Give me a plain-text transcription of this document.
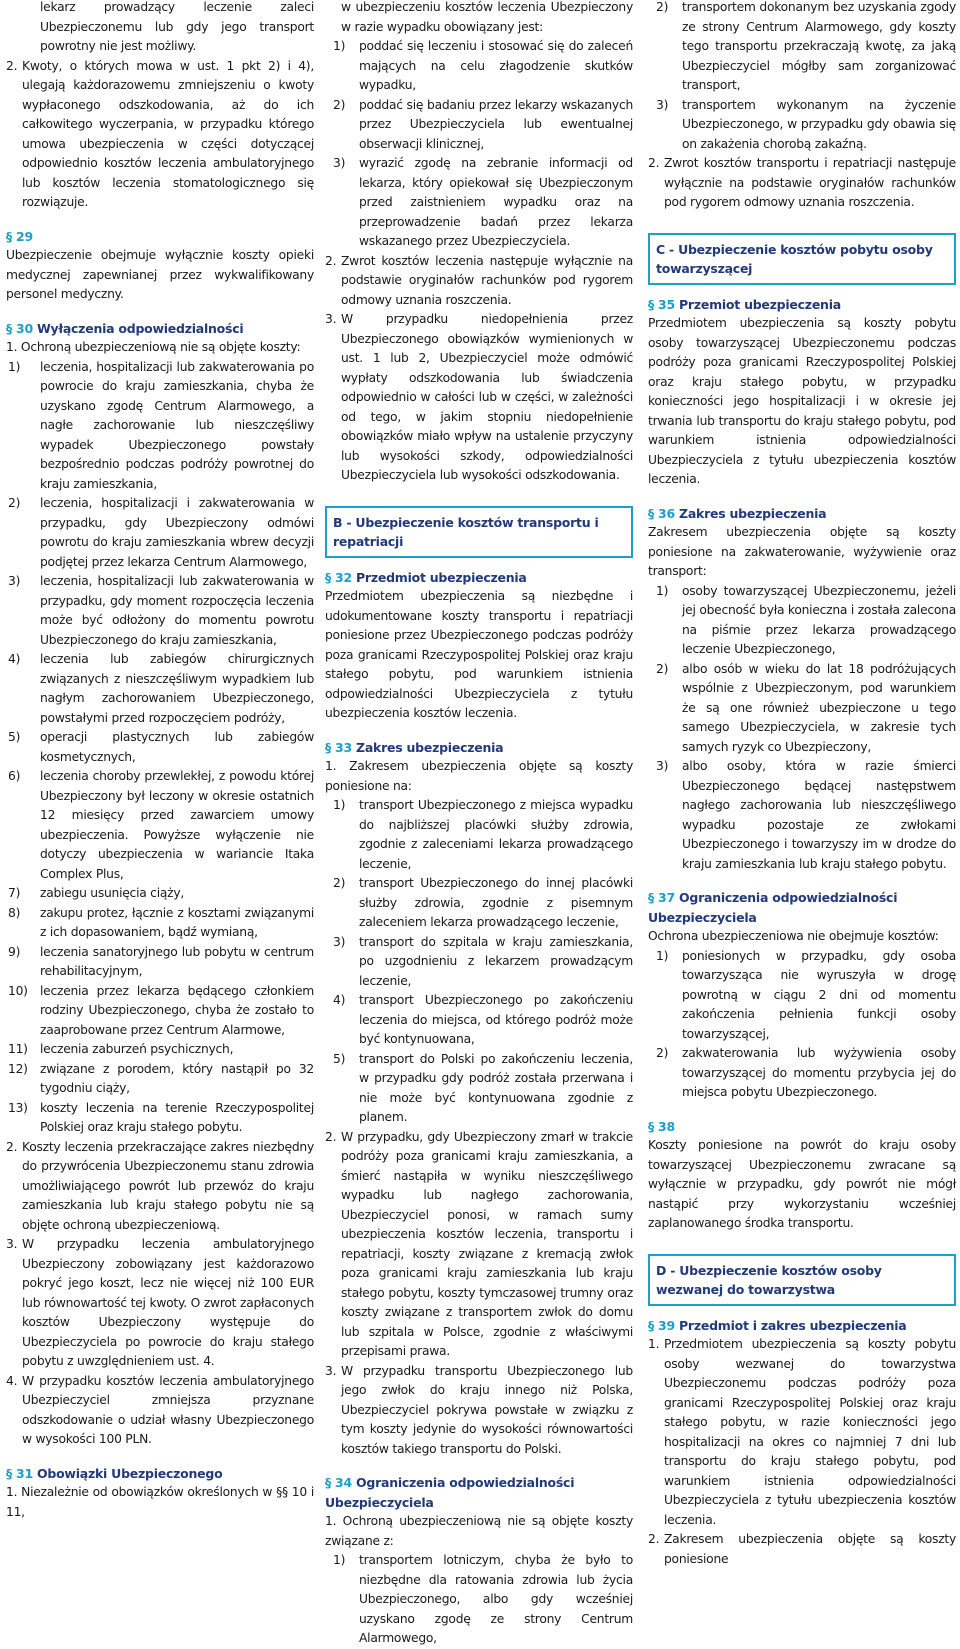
lekarz prowadzący leczenie zaleci Ubezpieczonemu lub gdy jego transport powrotny nie jest możliwy.

2. Kwoty, o których mowa w ust. 1 pkt 2) i 4), ulegają każdorazowemu zmniejszeniu o kwoty wypłaconego odszkodowania, aż do ich całkowitego wyczerpania, w przypadku którego umowa ubezpieczenia w części dotyczącej odpowiednio kosztów leczenia ambulatoryjnego lub kosztów leczenia stomatologicznego się rozwiązuje.

§ 29

Ubezpieczenie obejmuje wyłącznie koszty opieki medycznej zapewnianej przez wykwalifikowany personel medyczny.

§ 30 Wyłączenia odpowiedzialności

1. Ochroną ubezpieczeniową nie są objęte koszty:

1) leczenia, hospitalizacji lub zakwaterowania po powrocie do kraju zamieszkania, chyba że uzyskano zgodę Centrum Alarmowego, a nagłe zachorowanie lub nieszczęśliwy wypadek Ubezpieczonego powstały bezpośrednio podczas podróży powrotnej do kraju zamieszkania,

2) leczenia, hospitalizacji i zakwaterowania w przypadku, gdy Ubezpieczony odmówi powrotu do kraju zamieszkania wbrew decyzji podjętej przez lekarza Centrum Alarmowego,

3) leczenia, hospitalizacji lub zakwaterowania w przypadku, gdy moment rozpoczęcia leczenia może być odłożony do momentu powrotu Ubezpieczonego do kraju zamieszkania,

4) leczenia lub zabiegów chirurgicznych związanych z nieszczęśliwym wypadkiem lub nagłym zachorowaniem Ubezpieczonego, powstałymi przed rozpoczęciem podróży,

5) operacji plastycznych lub zabiegów kosmetycznych,

6) leczenia choroby przewlekłej, z powodu której Ubezpieczony był leczony w okresie ostatnich 12 miesięcy przed zawarciem umowy ubezpieczenia. Powyższe wyłączenie nie dotyczy ubezpieczenia w wariancie Itaka Complex Plus,

7) zabiegu usunięcia ciąży,

8) zakupu protez, łącznie z kosztami związanymi z ich dopasowaniem, bądź wymianą,

9) leczenia sanatoryjnego lub pobytu w centrum rehabilitacyjnym,

10) leczenia przez lekarza będącego członkiem rodziny Ubezpieczonego, chyba że zostało to zaaprobowane przez Centrum Alarmowe,

11) leczenia zaburzeń psychicznych,

12) związane z porodem, który nastąpił po 32 tygodniu ciąży,

13) koszty leczenia na terenie Rzeczypospolitej Polskiej oraz kraju stałego pobytu.

2. Koszty leczenia przekraczające zakres niezbędny do przywrócenia Ubezpieczonemu stanu zdrowia umożliwiającego powrót lub przewóz do kraju zamieszkania lub kraju stałego pobytu nie są objęte ochroną ubezpieczeniową.

3. W przypadku leczenia ambulatoryjnego Ubezpieczony zobowiązany jest każdorazowo pokryć jego koszt, lecz nie więcej niż 100 EUR lub równowartość tej kwoty. O zwrot zapłaconych kosztów Ubezpieczony występuje do Ubezpieczyciela po powrocie do kraju stałego pobytu z uwzględnieniem ust. 4.

4. W przypadku kosztów leczenia ambulatoryjnego Ubezpieczyciel zmniejsza przyznane odszkodowanie o udział własny Ubezpieczonego w wysokości 100 PLN.

§ 31 Obowiązki Ubezpieczonego

1. Niezależnie od obowiązków określonych w §§ 10 i 11,

w ubezpieczeniu kosztów leczenia Ubezpieczony w razie wypadku obowiązany jest:

1) poddać się leczeniu i stosować się do zaleceń mających na celu złagodzenie skutków wypadku,

2) poddać się badaniu przez lekarzy wskazanych przez Ubezpieczyciela lub ewentualnej obserwacji klinicznej,

3) wyrazić zgodę na zebranie informacji od lekarza, który opiekował się Ubezpieczonym przed zaistnieniem wypadku oraz na przeprowadzenie badań przez lekarza wskazanego przez Ubezpieczyciela.

2. Zwrot kosztów leczenia następuje wyłącznie na podstawie oryginałów rachunków pod rygorem odmowy uznania roszczenia.

3. W przypadku niedopełnienia przez Ubezpieczonego obowiązków wymienionych w ust. 1 lub 2, Ubezpieczyciel może odmówić wypłaty odszkodowania lub świadczenia odpowiednio w całości lub w części, w zależności od tego, w jakim stopniu niedopełnienie obowiązków miało wpływ na ustalenie przyczyny lub wysokości szkody, odpowiedzialności Ubezpieczyciela lub wysokości odszkodowania.

B - Ubezpieczenie kosztów transportu i repatriacji
§ 32 Przedmiot ubezpieczenia

Przedmiotem ubezpieczenia są niezbędne i udokumentowane koszty transportu i repatriacji poniesione przez Ubezpieczonego podczas podróży poza granicami Rzeczypospolitej Polskiej oraz kraju stałego pobytu, pod warunkiem istnienia odpowiedzialności Ubezpieczyciela z tytułu ubezpieczenia kosztów leczenia.

§ 33 Zakres ubezpieczenia

1. Zakresem ubezpieczenia objęte są koszty poniesione na:

1) transport Ubezpieczonego z miejsca wypadku do najbliższej placówki służby zdrowia, zgodnie z zaleceniami lekarza prowadzącego leczenie,

2) transport Ubezpieczonego do innej placówki służby zdrowia, zgodnie z pisemnym zaleceniem lekarza prowadzącego leczenie,

3) transport do szpitala w kraju zamieszkania, po uzgodnieniu z lekarzem prowadzącym leczenie,

4) transport Ubezpieczonego po zakończeniu leczenia do miejsca, od którego podróż może być kontynuowana,

5) transport do Polski po zakończeniu leczenia, w przypadku gdy podróż została przerwana i nie może być kontynuowana zgodnie z planem.

2. W przypadku, gdy Ubezpieczony zmarł w trakcie podróży poza granicami kraju zamieszkania, a śmierć nastąpiła w wyniku nieszczęśliwego wypadku lub nagłego zachorowania, Ubezpieczyciel ponosi, w ramach sumy ubezpieczenia kosztów leczenia, transportu i repatriacji, koszty związane z kremacją zwłok poza granicami kraju zamieszkania lub kraju stałego pobytu, koszty tymczasowej trumny oraz koszty związane z transportem zwłok do domu lub szpitala w Polsce, zgodnie z właściwymi przepisami prawa.

3. W przypadku transportu Ubezpieczonego lub jego zwłok do kraju innego niż Polska, Ubezpieczyciel pokrywa powstałe w związku z tym koszty jedynie do wysokości równowartości kosztów takiego transportu do Polski.

§ 34 Ograniczenia odpowiedzialności Ubezpieczyciela

1. Ochroną ubezpieczeniową nie są objęte koszty związane z:

1) transportem lotniczym, chyba że było to niezbędne dla ratowania zdrowia lub życia Ubezpieczonego, albo gdy wcześniej uzyskano zgodę ze strony Centrum Alarmowego,

2) transportem dokonanym bez uzyskania zgody ze strony Centrum Alarmowego, gdy koszty tego transportu przekraczają kwotę, za jaką Ubezpieczyciel mógłby sam zorganizować transport,

3) transportem wykonanym na życzenie Ubezpieczonego, w przypadku gdy obawia się on zakażenia chorobą zakaźną.

2. Zwrot kosztów transportu i repatriacji następuje wyłącznie na podstawie oryginałów rachunków pod rygorem odmowy uznania roszczenia.

C - Ubezpieczenie kosztów pobytu osoby towarzyszącej
§ 35 Przemiot ubezpieczenia

Przedmiotem ubezpieczenia są koszty pobytu osoby towarzyszącej Ubezpieczonemu podczas podróży poza granicami Rzeczypospolitej Polskiej oraz kraju stałego pobytu, w przypadku konieczności jego hospitalizacji i w okresie jej trwania lub transportu do kraju stałego pobytu, pod warunkiem istnienia odpowiedzialności Ubezpieczyciela z tytułu ubezpieczenia kosztów leczenia.

§ 36 Zakres ubezpieczenia

Zakresem ubezpieczenia objęte są koszty poniesione na zakwaterowanie, wyżywienie oraz transport:

1) osoby towarzyszącej Ubezpieczonemu, jeżeli jej obecność była konieczna i została zalecona na piśmie przez lekarza prowadzącego leczenie Ubezpieczonego,

2) albo osób w wieku do lat 18 podróżujących wspólnie z Ubezpieczonym, pod warunkiem że są one również ubezpieczone u tego samego Ubezpieczyciela, w zakresie tych samych ryzyk co Ubezpieczony,

3) albo osoby, która w razie śmierci Ubezpieczonego będącej następstwem nagłego zachorowania lub nieszczęśliwego wypadku pozostaje ze zwłokami Ubezpieczonego i towarzyszy im w drodze do kraju zamieszkania lub kraju stałego pobytu.

§ 37 Ograniczenia odpowiedzialności Ubezpieczyciela

Ochrona ubezpieczeniowa nie obejmuje kosztów:

1) poniesionych w przypadku, gdy osoba towarzysząca nie wyruszyła w drogę powrotną w ciągu 2 dni od momentu zakończenia pełnienia funkcji osoby towarzyszącej,

2) zakwaterowania lub wyżywienia osoby towarzyszącej do momentu przybycia jej do miejsca pobytu Ubezpieczonego.

§ 38

Koszty poniesione na powrót do kraju osoby towarzyszącej Ubezpieczonemu zwracane są wyłącznie w przypadku, gdy powrót nie mógł nastąpić przy wykorzystaniu wcześniej zaplanowanego środka transportu.

D - Ubezpieczenie kosztów osoby wezwanej do towarzystwa
§ 39 Przedmiot i zakres ubezpieczenia

1. Przedmiotem ubezpieczenia są koszty pobytu osoby wezwanej do towarzystwa Ubezpieczonemu podczas podróży poza granicami Rzeczypospolitej Polskiej oraz kraju stałego pobytu, w razie konieczności jego hospitalizacji na okres co najmniej 7 dni lub transportu do kraju stałego pobytu, pod warunkiem istnienia odpowiedzialności Ubezpieczyciela z tytułu ubezpieczenia kosztów leczenia.

2. Zakresem ubezpieczenia objęte są koszty poniesione
